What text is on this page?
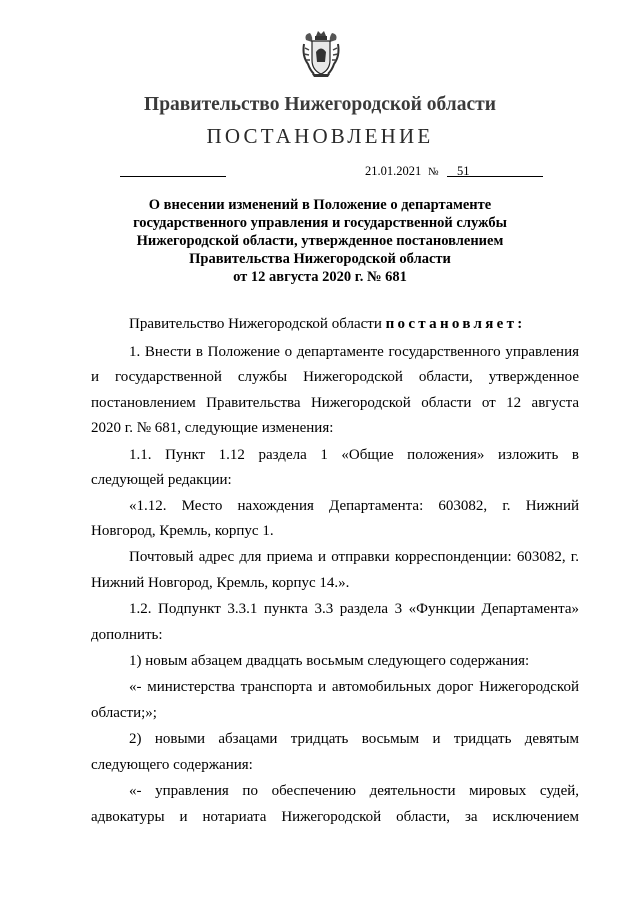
Правительство Нижегородской области
ПОСТАНОВЛЕНИЕ
21.01.2021 № 51
О внесении изменений в Положение о департаменте
государственного управления и государственной службы
Нижегородской области, утвержденное постановлением
Правительства Нижегородской области
от 12 августа 2020 г. № 681
Правительство Нижегородской области постановляет:
1. Внести в Положение о департаменте государственного управления
и государственной службы Нижегородской области, утвержденное
постановлением Правительства Нижегородской области от 12 августа
2020 г. № 681, следующие изменения:
1.1. Пункт 1.12 раздела 1 «Общие положения» изложить в
следующей редакции:
«1.12. Место нахождения Департамента: 603082, г. Нижний
Новгород, Кремль, корпус 1.
Почтовый адрес для приема и отправки корреспонденции: 603082, г.
Нижний Новгород, Кремль, корпус 14.».
1.2. Подпункт 3.3.1 пункта 3.3 раздела 3 «Функции Департамента»
дополнить:
1) новым абзацем двадцать восьмым следующего содержания:
«- министерства транспорта и автомобильных дорог Нижегородской
области;»;
2) новыми абзацами тридцать восьмым и тридцать девятым
следующего содержания:
«- управления по обеспечению деятельности мировых судей,
адвокатуры и нотариата Нижегородской области, за исключением
